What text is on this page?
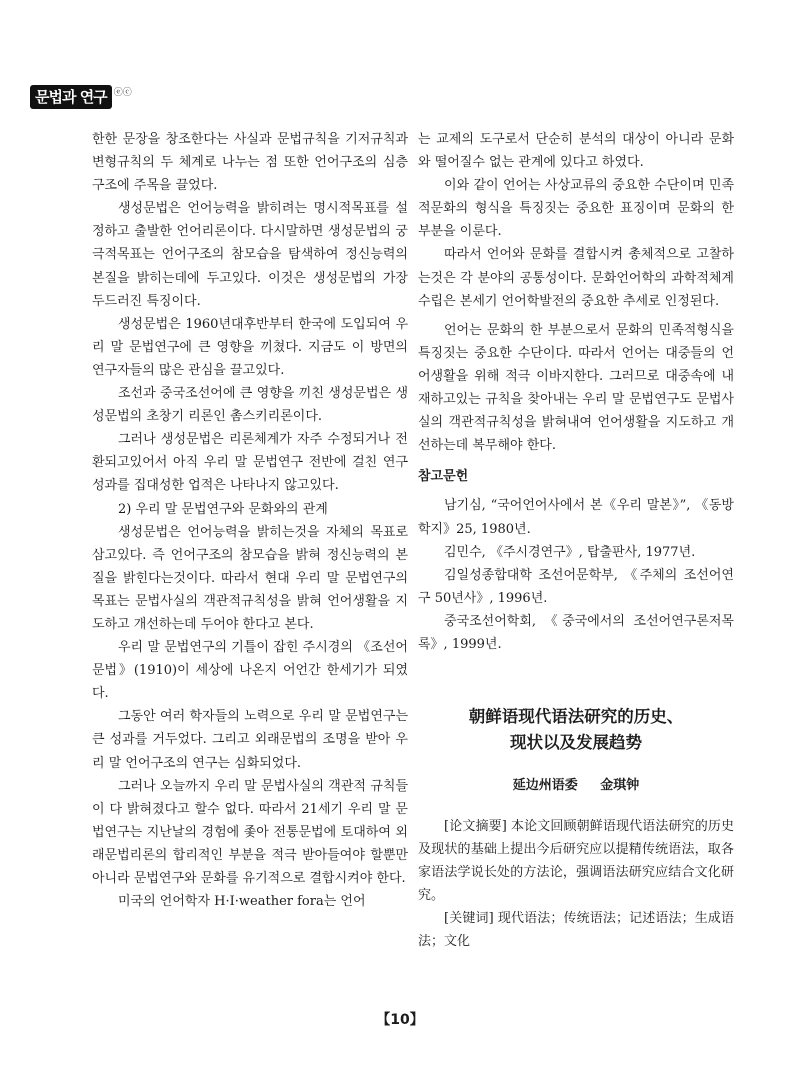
문법과 연구 ⓔⓒ

한한 문장을 창조한다는 사실과 문법규칙을 기저규칙과 변형규칙의 두 체계로 나누는 점 또한 언어구조의 심층구조에 주목을 끌었다.

생성문법은 언어능력을 밝히려는 명시적목표를 설정하고 출발한 언어리론이다. 다시말하면 생성문법의 궁극적목표는 언어구조의 참모습을 탐색하여 정신능력의 본질을 밝히는데에 두고있다. 이것은 생성문법의 가장 두드러진 특징이다.

생성문법은 1960년대후반부터 한국에 도입되여 우리 말 문법연구에 큰 영향을 끼쳤다. 지금도 이 방면의 연구자들의 많은 관심을 끌고있다.

조선과 중국조선어에 큰 영향을 끼친 생성문법은 생성문법의 초창기 리론인 촘스키리론이다.

그러나 생성문법은 리론체계가 자주 수정되거나 전환되고있어서 아직 우리 말 문법연구 전반에 걸친 연구성과를 집대성한 업적은 나타나지 않고있다.

2) 우리 말 문법연구와 문화와의 관계

생성문법은 언어능력을 밝히는것을 자체의 목표로 삼고있다. 즉 언어구조의 참모습을 밝혀 정신능력의 본질을 밝힌다는것이다. 따라서 현대 우리 말 문법연구의 목표는 문법사실의 객관적규칙성을 밝혀 언어생활을 지도하고 개선하는데 두어야 한다고 본다.

우리 말 문법연구의 기틀이 잡힌 주시경의 《조선어문법》(1910)이 세상에 나온지 어언간 한세기가 되였다.

그동안 여러 학자들의 노력으로 우리 말 문법연구는 큰 성과를 거두었다. 그리고 외래문법의 조명을 받아 우리 말 언어구조의 연구는 심화되었다.

그러나 오늘까지 우리 말 문법사실의 객관적 규칙들이 다 밝혀졌다고 할수 없다. 따라서 21세기 우리 말 문법연구는 지난날의 경험에 좇아 전통문법에 토대하여 외래문법리론의 합리적인 부분을 적극 받아들여야 할뿐만아니라 문법연구와 문화를 유기적으로 결합시켜야 한다.

미국의 언어학자 H·I·weather fora는 언어

는 교제의 도구로서 단순히 분석의 대상이 아니라 문화와 떨어질수 없는 관계에 있다고 하였다.

이와 같이 언어는 사상교류의 중요한 수단이며 민족적문화의 형식을 특징짓는 중요한 표징이며 문화의 한 부분을 이룬다.

따라서 언어와 문화를 결합시켜 총체적으로 고찰하는것은 각 분야의 공통성이다. 문화언어학의 과학적체계수립은 본세기 언어학발전의 중요한 추세로 인정된다.

언어는 문화의 한 부분으로서 문화의 민족적형식을 특징짓는 중요한 수단이다. 따라서 언어는 대중들의 언어생활을 위해 적극 이바지한다. 그러므로 대중속에 내재하고있는 규칙을 찾아내는 우리 말 문법연구도 문법사실의 객관적규칙성을 밝혀내여 언어생활을 지도하고 개선하는데 복무해야 한다.

참고문헌

남기심, “국어언어사에서 본《우리 말본》”, 《동방학지》25, 1980년.

김민수, 《주시경연구》, 탑출판사, 1977년.

김일성종합대학 조선어문학부, 《주체의 조선어연구 50년사》, 1996년.

중국조선어학회, 《중국에서의 조선어연구론저목록》, 1999년.

朝鲜语现代语法研究的历史、
现状以及发展趋势
延边州语委 金琪钟

[论文摘要] 本论文回顾朝鲜语现代语法研究的历史及现状的基础上提出今后研究应以提精传统语法，取各家语法学说长处的方法论，强调语法研究应结合文化研究。

[关键词] 现代语法；传统语法；记述语法；生成语法；文化

【10】
